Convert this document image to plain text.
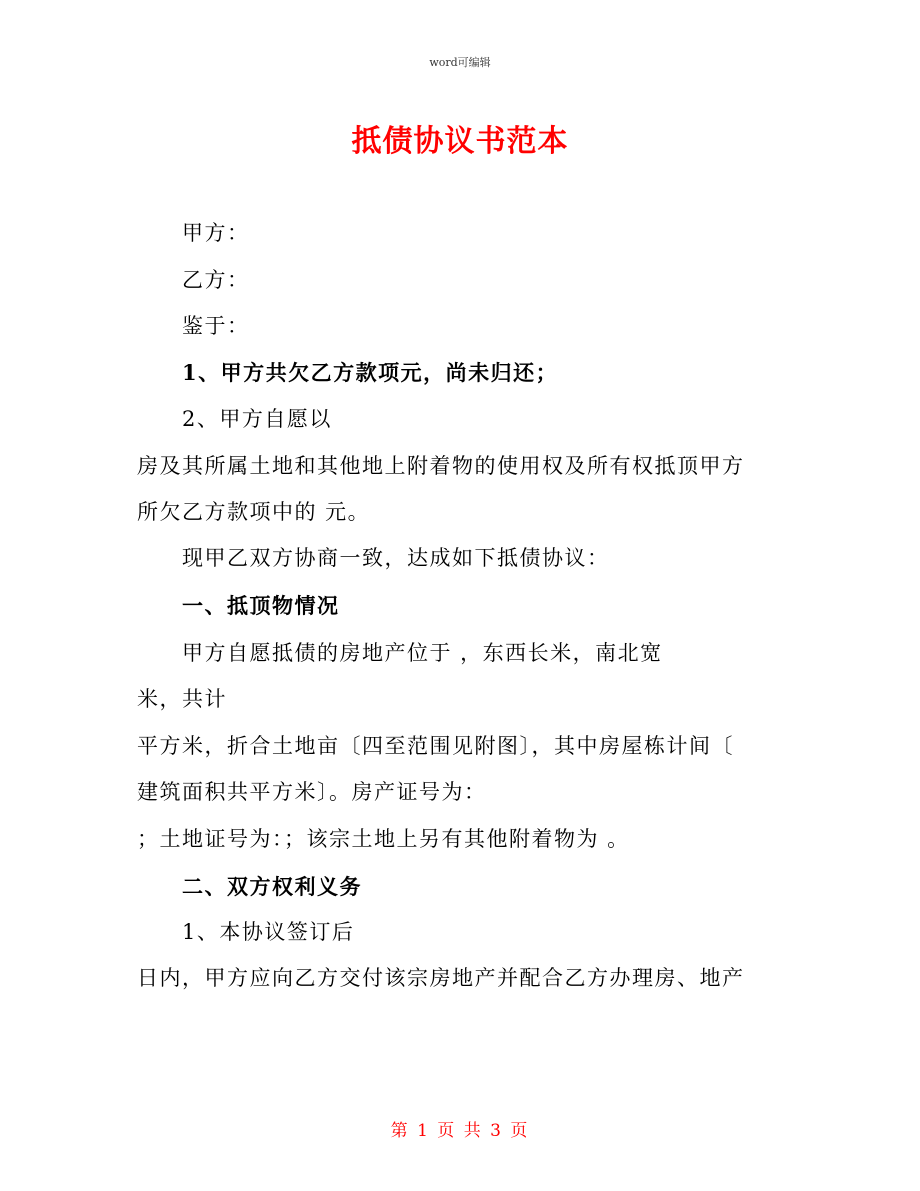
word可编辑
抵债协议书范本
甲方：
乙方：
鉴于：
1、甲方共欠乙方款项元，尚未归还；
2、甲方自愿以
房及其所属土地和其他地上附着物的使用权及所有权抵顶甲方
所欠乙方款项中的 元。
现甲乙双方协商一致，达成如下抵债协议：
一、抵顶物情况
甲方自愿抵债的房地产位于 ，东西长米，南北宽
米，共计
平方米，折合土地亩〔四至范围见附图〕，其中房屋栋计间〔
建筑面积共平方米〕。房产证号为：
；土地证号为：；该宗土地上另有其他附着物为 。
二、双方权利义务
1、本协议签订后
日内，甲方应向乙方交付该宗房地产并配合乙方办理房、地产
第 1 页 共 3 页
